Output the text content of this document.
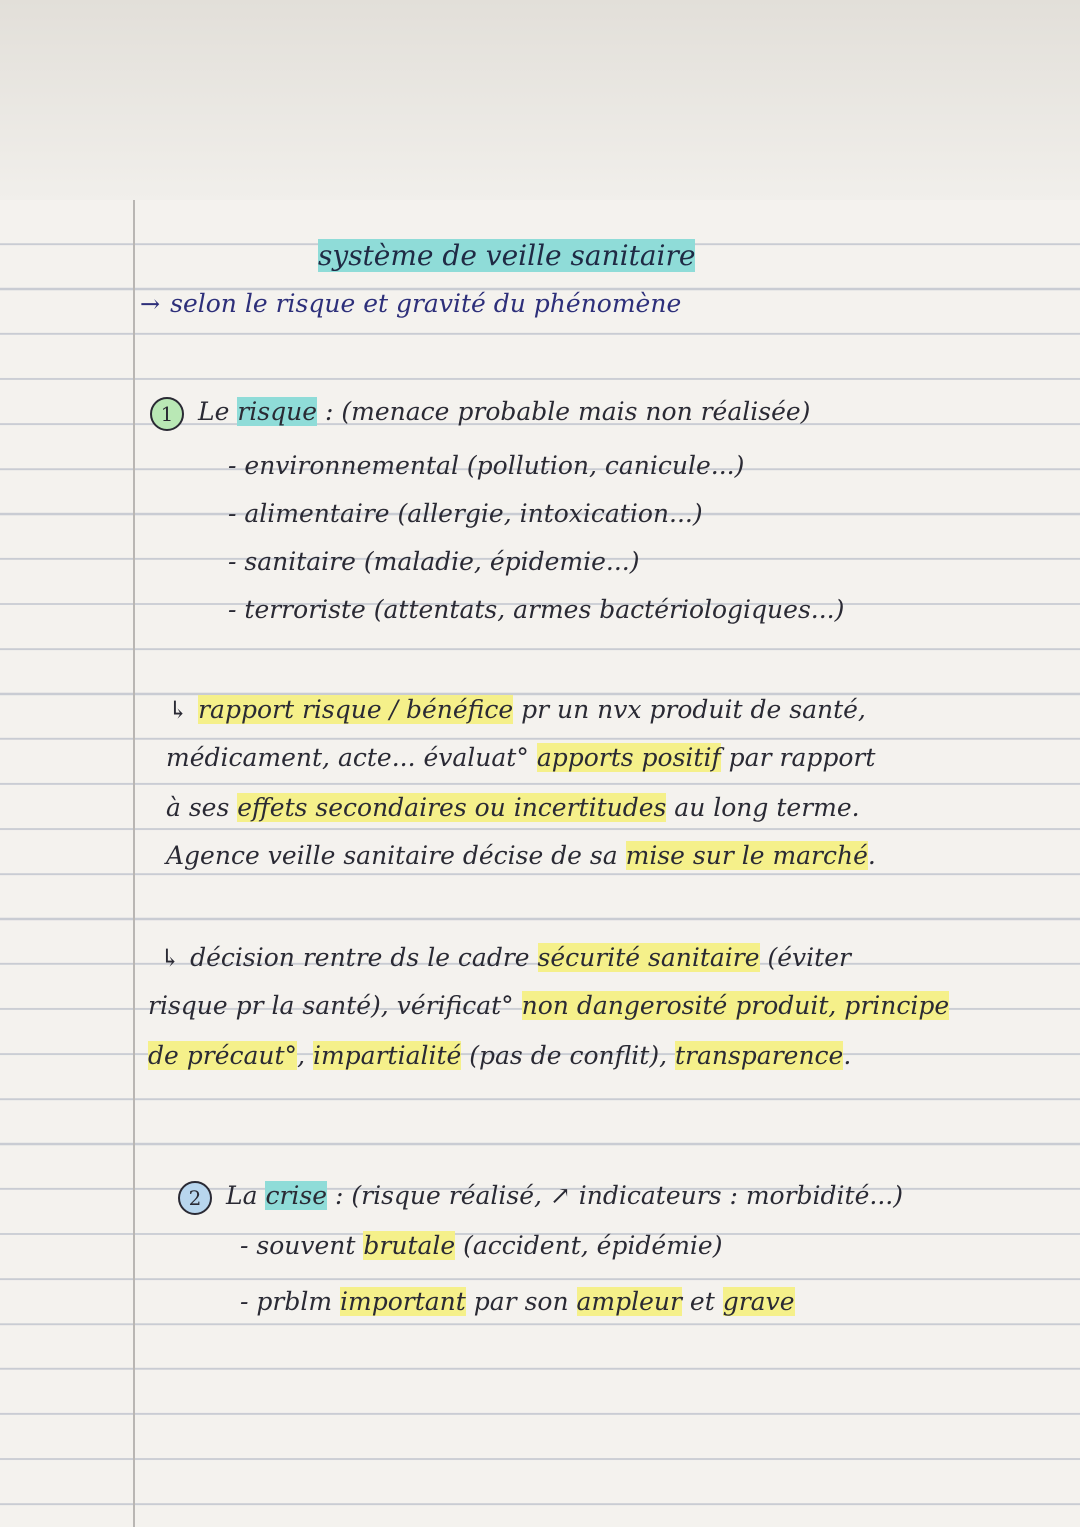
système de veille sanitaire
→ selon le risque et gravité du phénomène
1 Le risque : (menace probable mais non réalisée)
- environnemental (pollution, canicule...)
- alimentaire (allergie, intoxication...)
- sanitaire (maladie, épidemie...)
- terroriste (attentats, armes bactériologiques...)
↳ rapport risque / bénéfice pr un nvx produit de santé,
médicament, acte... évaluat° apports positif par rapport
à ses effets secondaires ou incertitudes au long terme.
Agence veille sanitaire décise de sa mise sur le marché.
↳ décision rentre ds le cadre sécurité sanitaire (éviter
risque pr la santé), vérificat° non dangerosité produit, principe
de précaut°, impartialité (pas de conflit), transparence.
2 La crise : (risque réalisé, ↗ indicateurs : morbidité...)
- souvent brutale (accident, épidémie)
- prblm important par son ampleur et grave
